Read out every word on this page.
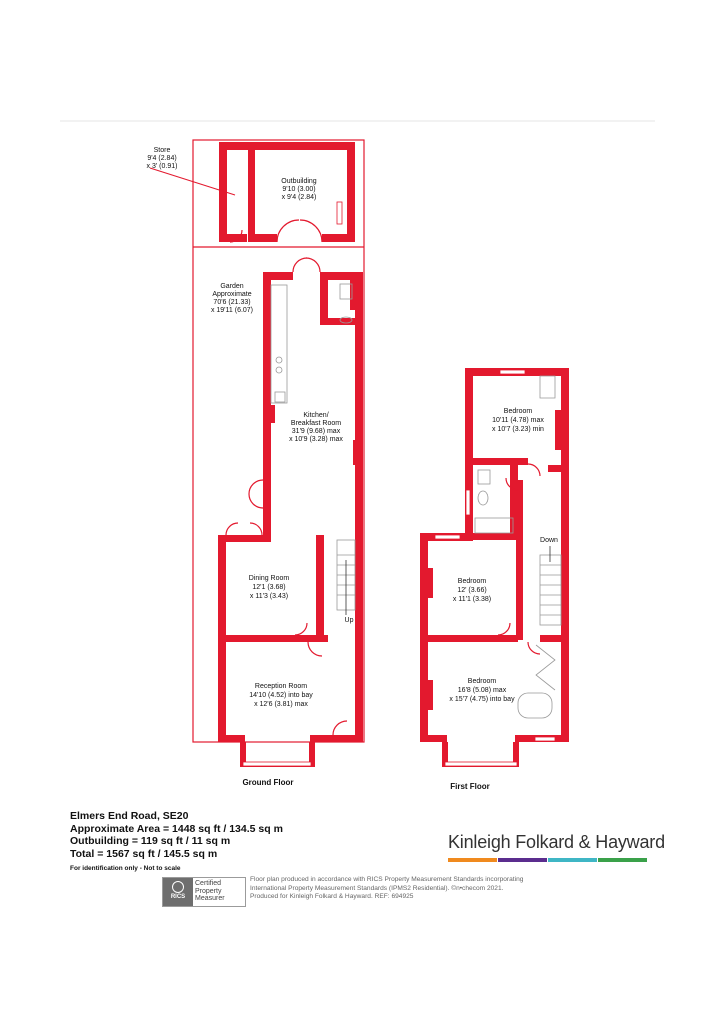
Store
9'4 (2.84)
x 3' (0.91)
Outbuilding
9'10 (3.00)
x 9'4 (2.84)
Garden
Approximate
70'6 (21.33)
x 19'11 (6.07)
Kitchen/
Breakfast Room
31'9 (9.68) max
x 10'9 (3.28) max
Dining Room
12'1 (3.68)
x 11'3 (3.43)
Reception Room
14'10 (4.52) into bay
x 12'6 (3.81) max
Up
Ground Floor
Bedroom
10'11 (4.78) max
x 10'7 (3.23) min
Down
Bedroom
12' (3.66)
x 11'1 (3.38)
Bedroom
16'8 (5.08) max
x 15'7 (4.75) into bay
First Floor
Elmers End Road, SE20
Approximate Area = 1448 sq ft / 134.5 sq m
Outbuilding = 119 sq ft / 11 sq m
Total = 1567 sq ft / 145.5 sq m
For identification only - Not to scale
Kinleigh Folkard & Hayward
RICS
Certified
Property
Measurer
Floor plan produced in accordance with RICS Property Measurement Standards incorporating
International Property Measurement Standards (IPMS2 Residential). ©n•checom 2021.
Produced for Kinleigh Folkard & Hayward. REF: 694925
